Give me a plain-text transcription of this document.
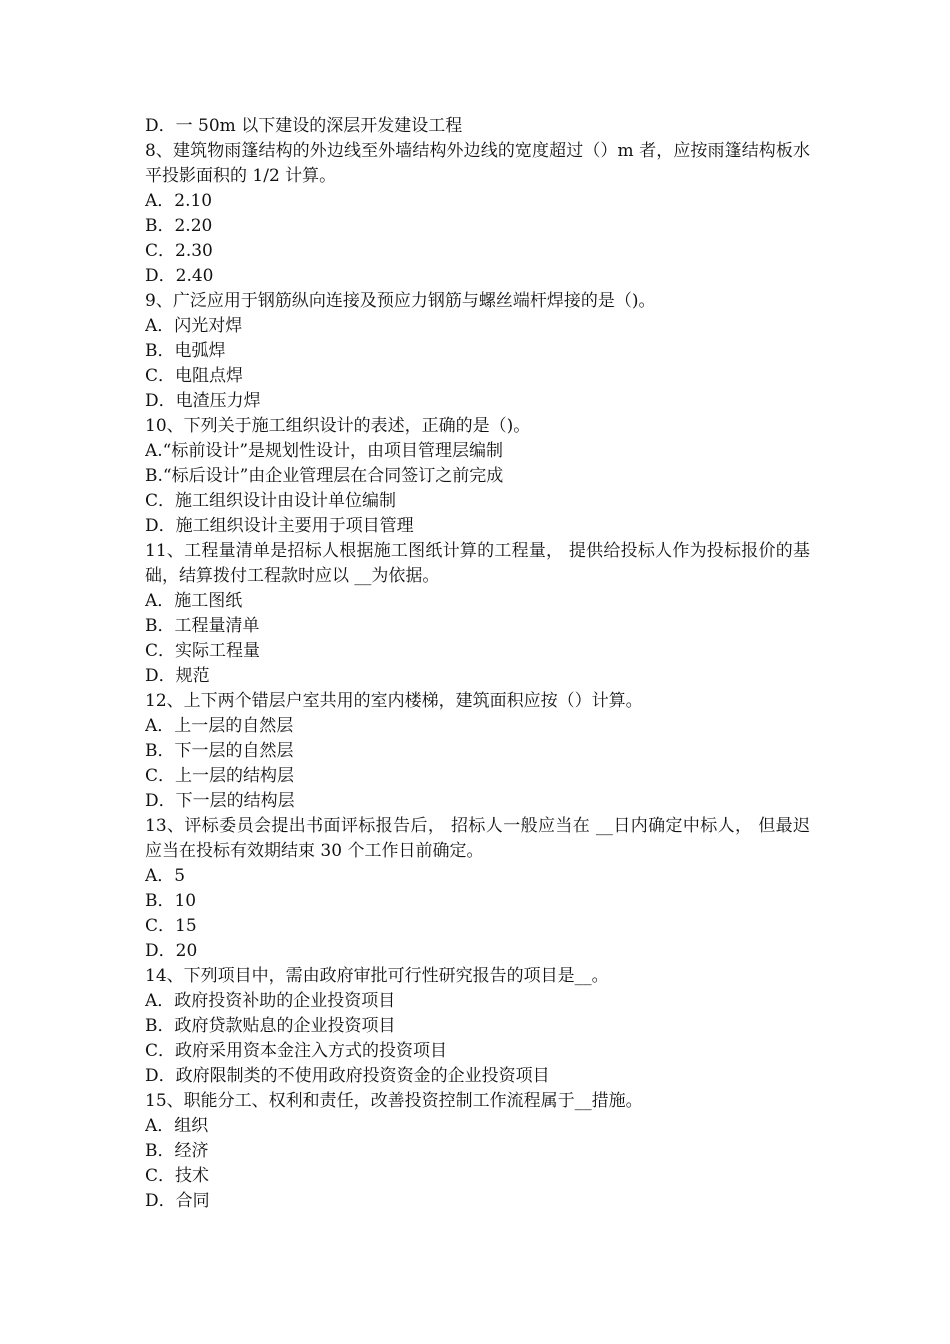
D．一 50m 以下建设的深层开发建设工程
8、建筑物雨篷结构的外边线至外墙结构外边线的宽度超过（）m 者，应按雨篷结构板水平投影面积的 1/2 计算。
A．2.10
B．2.20
C．2.30
D．2.40
9、广泛应用于钢筋纵向连接及预应力钢筋与螺丝端杆焊接的是（)。
A．闪光对焊
B．电弧焊
C．电阻点焊
D．电渣压力焊
10、下列关于施工组织设计的表述，正确的是（)。
A.“标前设计”是规划性设计，由项目管理层编制
B.“标后设计”由企业管理层在合同签订之前完成
C．施工组织设计由设计单位编制
D．施工组织设计主要用于项目管理
11、工程量清单是招标人根据施工图纸计算的工程量， 提供给投标人作为投标报价的基础，结算拨付工程款时应以 __为依据。
A．施工图纸
B．工程量清单
C．实际工程量
D．规范
12、上下两个错层户室共用的室内楼梯，建筑面积应按（）计算。
A．上一层的自然层
B．下一层的自然层
C．上一层的结构层
D．下一层的结构层
13、评标委员会提出书面评标报告后， 招标人一般应当在 __日内确定中标人， 但最迟应当在投标有效期结束 30 个工作日前确定。
A．5
B．10
C．15
D．20
14、下列项目中，需由政府审批可行性研究报告的项目是__。
A．政府投资补助的企业投资项目
B．政府贷款贴息的企业投资项目
C．政府采用资本金注入方式的投资项目
D．政府限制类的不使用政府投资资金的企业投资项目
15、职能分工、权利和责任，改善投资控制工作流程属于__措施。
A．组织
B．经济
C．技术
D．合同
